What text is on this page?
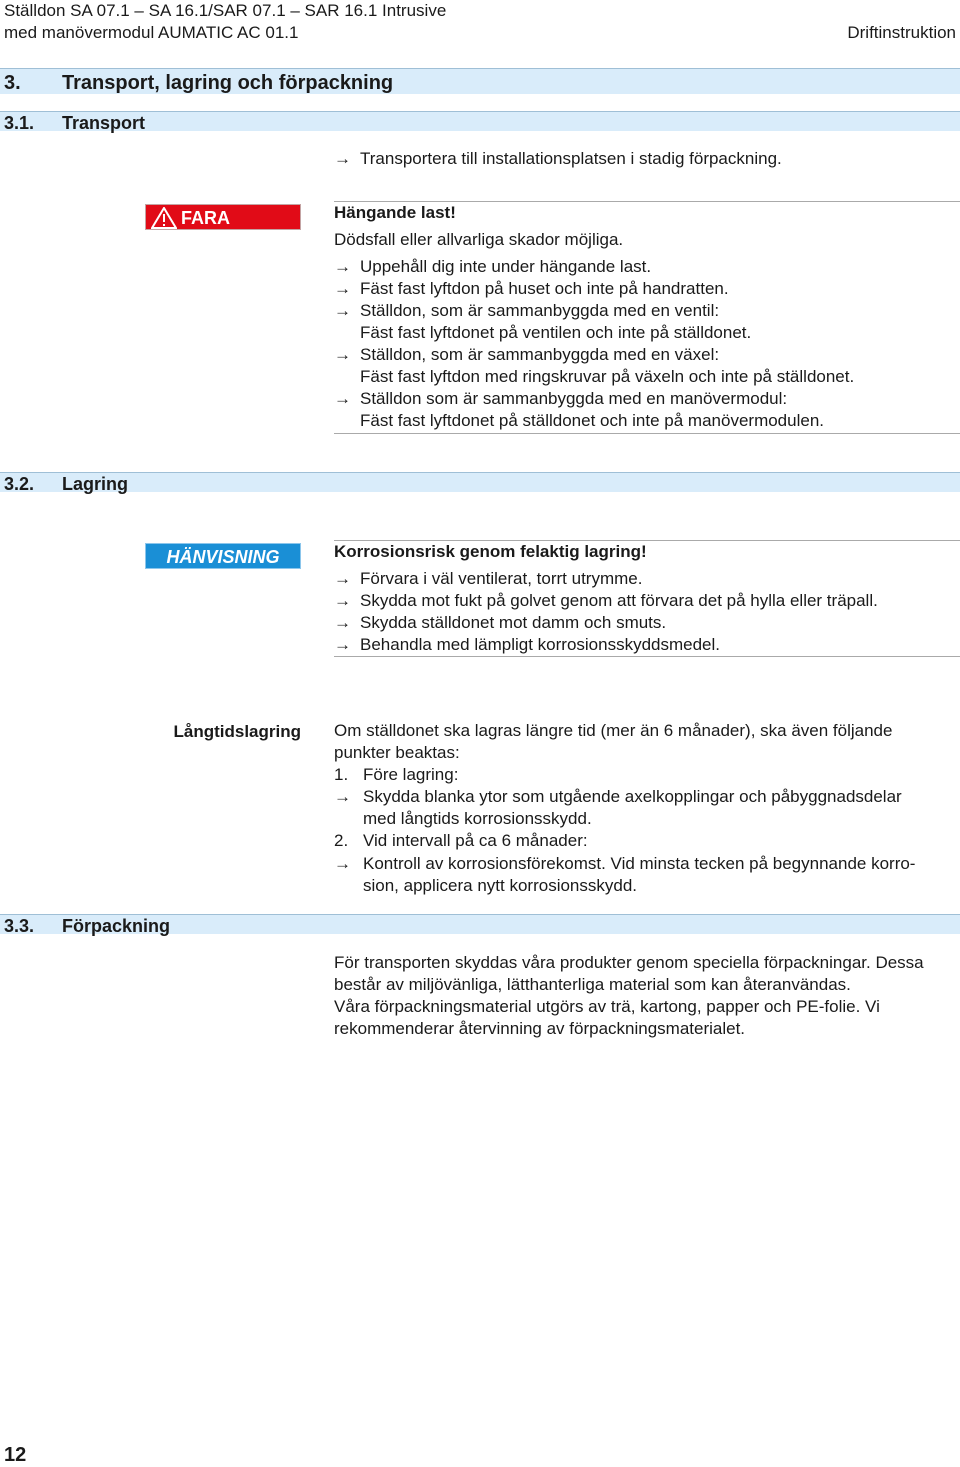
Ställdon SA 07.1 – SA 16.1/SAR 07.1 – SAR 16.1 Intrusive
med manövermodul AUMATIC AC 01.1	Driftinstruktion
3. Transport, lagring och förpackning
3.1. Transport
→ Transportera till installationsplatsen i stadig förpackning.
FARA	Hängande last!
Dödsfall eller allvarliga skador möjliga.
→ Uppehåll dig inte under hängande last.
→ Fäst fast lyftdon på huset och inte på handratten.
→ Ställdon, som är sammanbyggda med en ventil:
Fäst fast lyftdonet på ventilen och inte på ställdonet.
→ Ställdon, som är sammanbyggda med en växel:
Fäst fast lyftdon med ringskruvar på växeln och inte på ställdonet.
→ Ställdon som är sammanbyggda med en manövermodul:
Fäst fast lyftdonet på ställdonet och inte på manövermodulen.
3.2. Lagring
HÄNVISNING	Korrosionsrisk genom felaktig lagring!
→ Förvara i väl ventilerat, torrt utrymme.
→ Skydda mot fukt på golvet genom att förvara det på hylla eller träpall.
→ Skydda ställdonet mot damm och smuts.
→ Behandla med lämpligt korrosionsskyddsmedel.
Långtidslagring Om ställdonet ska lagras längre tid (mer än 6 månader), ska även följande
punkter beaktas:
1. Före lagring:
→ Skydda blanka ytor som utgående axelkopplingar och påbyggnadsdelar
med långtids korrosionsskydd.
2. Vid intervall på ca 6 månader:
→ Kontroll av korrosionsförekomst. Vid minsta tecken på begynnande korro-
sion, applicera nytt korrosionsskydd.
3.3. Förpackning
För transporten skyddas våra produkter genom speciella förpackningar. Dessa
består av miljövänliga, lätthanterliga material som kan återanvändas.
Våra förpackningsmaterial utgörs av trä, kartong, papper och PE-folie. Vi
rekommenderar återvinning av förpackningsmaterialet.
12
